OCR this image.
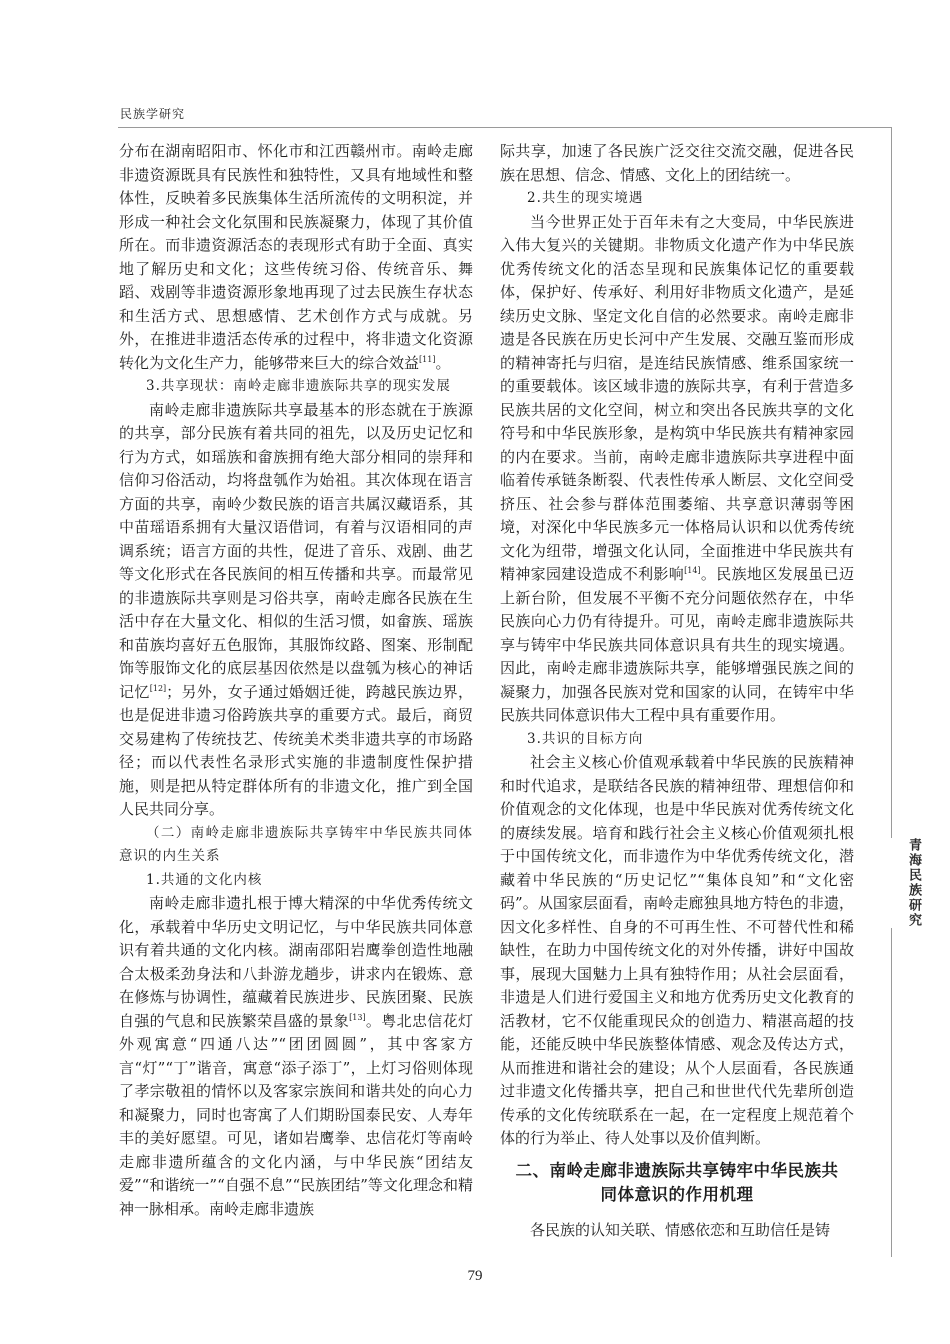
民族学研究

分布在湖南昭阳市、怀化市和江西赣州市。南岭走廊非遗资源既具有民族性和独特性，又具有地域性和整体性，反映着多民族集体生活所流传的文明积淀，并形成一种社会文化氛围和民族凝聚力，体现了其价值所在。而非遗资源活态的表现形式有助于全面、真实地了解历史和文化；这些传统习俗、传统音乐、舞蹈、戏剧等非遗资源形象地再现了过去民族生存状态和生活方式、思想感情、艺术创作方式与成就。另外，在推进非遗活态传承的过程中，将非遗文化资源转化为文化生产力，能够带来巨大的综合效益[11]。

3.共享现状：南岭走廊非遗族际共享的现实发展

南岭走廊非遗族际共享最基本的形态就在于族源的共享，部分民族有着共同的祖先，以及历史记忆和行为方式，如瑶族和畲族拥有绝大部分相同的崇拜和信仰习俗活动，均将盘瓠作为始祖。其次体现在语言方面的共享，南岭少数民族的语言共属汉藏语系，其中苗瑶语系拥有大量汉语借词，有着与汉语相同的声调系统；语言方面的共性，促进了音乐、戏剧、曲艺等文化形式在各民族间的相互传播和共享。而最常见的非遗族际共享则是习俗共享，南岭走廊各民族在生活中存在大量文化、相似的生活习惯，如畲族、瑶族和苗族均喜好五色服饰，其服饰纹路、图案、形制配饰等服饰文化的底层基因依然是以盘瓠为核心的神话记忆[12]；另外，女子通过婚姻迁徙，跨越民族边界，也是促进非遗习俗跨族共享的重要方式。最后，商贸交易建构了传统技艺、传统美术类非遗共享的市场路径；而以代表性名录形式实施的非遗制度性保护措施，则是把从特定群体所有的非遗文化，推广到全国人民共同分享。

（二）南岭走廊非遗族际共享铸牢中华民族共同体意识的内生关系

1.共通的文化内核

南岭走廊非遗扎根于博大精深的中华优秀传统文化，承载着中华历史文明记忆，与中华民族共同体意识有着共通的文化内核。湖南邵阳岩鹰拳创造性地融合太极柔劲身法和八卦游龙趟步，讲求内在锻炼、意在修炼与协调性，蕴藏着民族进步、民族团聚、民族自强的气息和民族繁荣昌盛的景象[13]。粤北忠信花灯外观寓意“四通八达”“团团圆圆”，其中客家方言“灯”“丁”谐音，寓意“添子添丁”，上灯习俗则体现了孝宗敬祖的情怀以及客家宗族间和谐共处的向心力和凝聚力，同时也寄寓了人们期盼国泰民安、人寿年丰的美好愿望。可见，诸如岩鹰拳、忠信花灯等南岭走廊非遗所蕴含的文化内涵，与中华民族“团结友爱”“和谐统一”“自强不息”“民族团结”等文化理念和精神一脉相承。南岭走廊非遗族

际共享，加速了各民族广泛交往交流交融，促进各民族在思想、信念、情感、文化上的团结统一。

2.共生的现实境遇

当今世界正处于百年未有之大变局，中华民族进入伟大复兴的关键期。非物质文化遗产作为中华民族优秀传统文化的活态呈现和民族集体记忆的重要载体，保护好、传承好、利用好非物质文化遗产，是延续历史文脉、坚定文化自信的必然要求。南岭走廊非遗是各民族在历史长河中产生发展、交融互鉴而形成的精神寄托与归宿，是连结民族情感、维系国家统一的重要载体。该区域非遗的族际共享，有利于营造多民族共居的文化空间，树立和突出各民族共享的文化符号和中华民族形象，是构筑中华民族共有精神家园的内在要求。当前，南岭走廊非遗族际共享进程中面临着传承链条断裂、代表性传承人断层、文化空间受挤压、社会参与群体范围萎缩、共享意识薄弱等困境，对深化中华民族多元一体格局认识和以优秀传统文化为纽带，增强文化认同，全面推进中华民族共有精神家园建设造成不利影响[14]。民族地区发展虽已迈上新台阶，但发展不平衡不充分问题依然存在，中华民族向心力仍有待提升。可见，南岭走廊非遗族际共享与铸牢中华民族共同体意识具有共生的现实境遇。因此，南岭走廊非遗族际共享，能够增强民族之间的凝聚力，加强各民族对党和国家的认同，在铸牢中华民族共同体意识伟大工程中具有重要作用。

3.共识的目标方向

社会主义核心价值观承载着中华民族的民族精神和时代追求，是联结各民族的精神纽带、理想信仰和价值观念的文化体现，也是中华民族对优秀传统文化的赓续发展。培育和践行社会主义核心价值观须扎根于中国传统文化，而非遗作为中华优秀传统文化，潜藏着中华民族的“历史记忆”“集体良知”和“文化密码”。从国家层面看，南岭走廊独具地方特色的非遗，因文化多样性、自身的不可再生性、不可替代性和稀缺性，在助力中国传统文化的对外传播，讲好中国故事，展现大国魅力上具有独特作用；从社会层面看，非遗是人们进行爱国主义和地方优秀历史文化教育的活教材，它不仅能重现民众的创造力、精湛高超的技能，还能反映中华民族整体情感、观念及传达方式，从而推进和谐社会的建设；从个人层面看，各民族通过非遗文化传播共享，把自己和世世代代先辈所创造传承的文化传统联系在一起，在一定程度上规范着个体的行为举止、待人处事以及价值判断。

二、南岭走廊非遗族际共享铸牢中华民族共
同体意识的作用机理

各民族的认知关联、情感依恋和互助信任是铸

青海民族研究
79
